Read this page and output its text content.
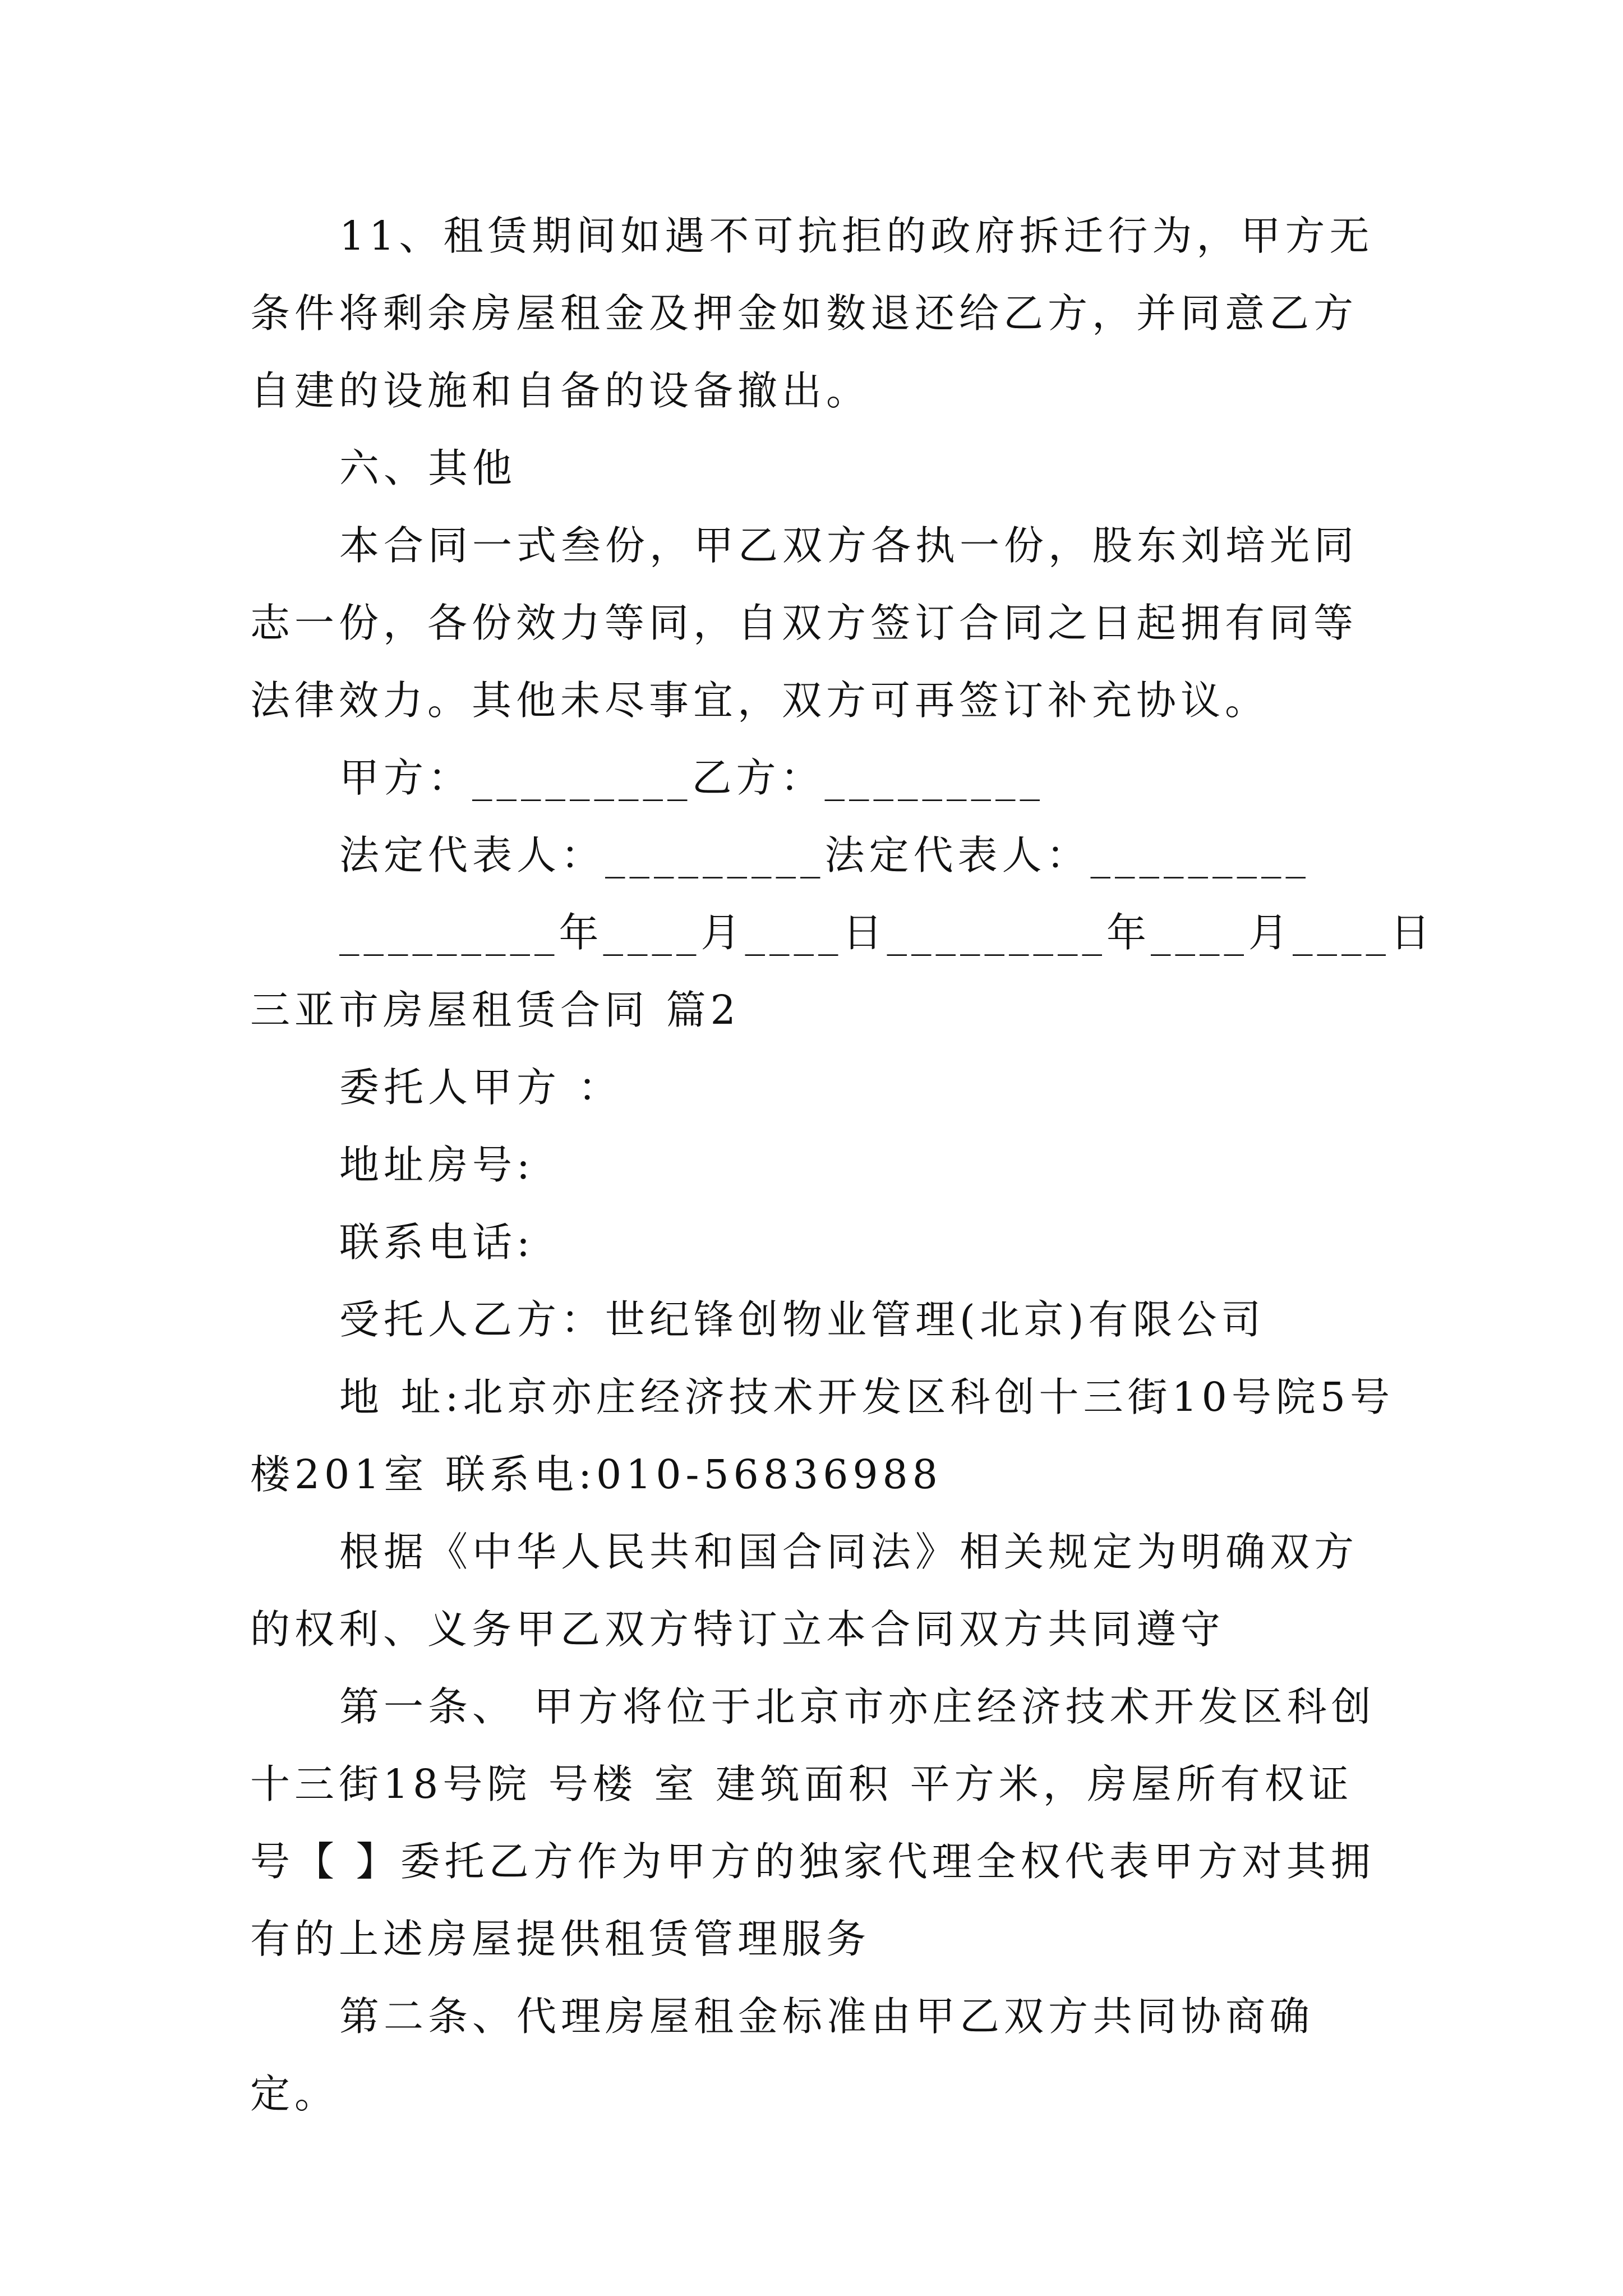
11、租赁期间如遇不可抗拒的政府拆迁行为，甲方无条件将剩余房屋租金及押金如数退还给乙方，并同意乙方自建的设施和自备的设备撤出。

六、其他

本合同一式叁份，甲乙双方各执一份，股东刘培光同志一份，各份效力等同，自双方签订合同之日起拥有同等法律效力。其他未尽事宜，双方可再签订补充协议。

甲方：_________乙方：_________

法定代表人：_________法定代表人：_________

_________年____月____日_________年____月____日

三亚市房屋租赁合同 篇2

委托人甲方 ：

地址房号:

联系电话:

受托人乙方：世纪锋创物业管理(北京)有限公司

地 址:北京亦庄经济技术开发区科创十三街10号院5号楼201室 联系电:010-56836988

根据《中华人民共和国合同法》相关规定为明确双方的权利、义务甲乙双方特订立本合同双方共同遵守

第一条、 甲方将位于北京市亦庄经济技术开发区科创十三街18号院 号楼 室 建筑面积 平方米，房屋所有权证号【 】委托乙方作为甲方的独家代理全权代表甲方对其拥有的上述房屋提供租赁管理服务

第二条、代理房屋租金标准由甲乙双方共同协商确定。
